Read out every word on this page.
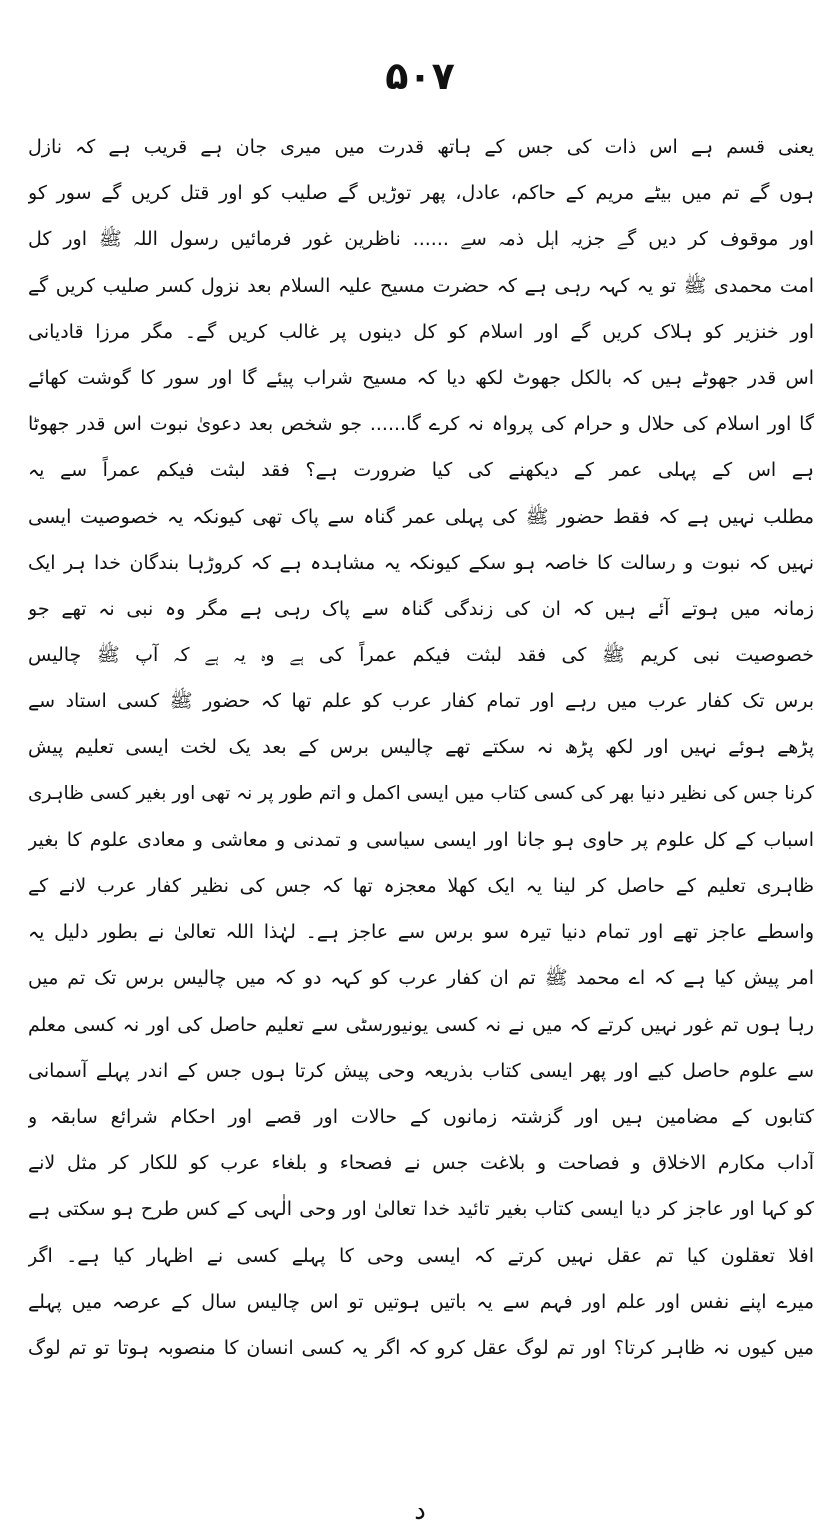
۵۰۷
یعنی قسم ہے اس ذات کی جس کے ہاتھ قدرت میں میری جان ہے قریب ہے کہ نازل
ہوں گے تم میں بیٹے مریم کے حاکم، عادل، پھر توڑیں گے صلیب کو اور قتل کریں گے سور کو
اور موقوف کر دیں گے جزیہ اہل ذمہ سے ...... ناظرین غور فرمائیں رسول اللہ ﷺ اور کل
امت محمدی ﷺ تو یہ کہہ رہی ہے کہ حضرت مسیح علیہ السلام بعد نزول کسر صلیب کریں گے
اور خنزیر کو ہلاک کریں گے اور اسلام کو کل دینوں پر غالب کریں گے۔ مگر مرزا قادیانی
اس قدر جھوٹے ہیں کہ بالکل جھوٹ لکھ دیا کہ مسیح شراب پیئے گا اور سور کا گوشت کھائے
گا اور اسلام کی حلال و حرام کی پرواہ نہ کرے گا...... جو شخص بعد دعویٰ نبوت اس قدر جھوٹا
ہے اس کے پہلی عمر کے دیکھنے کی کیا ضرورت ہے؟ فقد لبثت فیکم عمراً سے یہ
مطلب نہیں ہے کہ فقط حضور ﷺ کی پہلی عمر گناہ سے پاک تھی کیونکہ یہ خصوصیت ایسی
نہیں کہ نبوت و رسالت کا خاصہ ہو سکے کیونکہ یہ مشاہدہ ہے کہ کروڑہا بندگان خدا ہر ایک
زمانہ میں ہوتے آئے ہیں کہ ان کی زندگی گناہ سے پاک رہی ہے مگر وہ نبی نہ تھے جو
خصوصیت نبی کریم ﷺ کی فقد لبثت فیکم عمراً کی ہے وہ یہ ہے کہ آپ ﷺ چالیس
برس تک کفار عرب میں رہے اور تمام کفار عرب کو علم تھا کہ حضور ﷺ کسی استاد سے
پڑھے ہوئے نہیں اور لکھ پڑھ نہ سکتے تھے چالیس برس کے بعد یک لخت ایسی تعلیم پیش
کرنا جس کی نظیر دنیا بھر کی کسی کتاب میں ایسی اکمل و اتم طور پر نہ تھی اور بغیر کسی ظاہری
اسباب کے کل علوم پر حاوی ہو جانا اور ایسی سیاسی و تمدنی و معاشی و معادی علوم کا بغیر
ظاہری تعلیم کے حاصل کر لینا یہ ایک کھلا معجزہ تھا کہ جس کی نظیر کفار عرب لانے کے
واسطے عاجز تھے اور تمام دنیا تیرہ سو برس سے عاجز ہے۔ لہٰذا اللہ تعالیٰ نے بطور دلیل یہ
امر پیش کیا ہے کہ اے محمد ﷺ تم ان کفار عرب کو کہہ دو کہ میں چالیس برس تک تم میں
رہا ہوں تم غور نہیں کرتے کہ میں نے نہ کسی یونیورسٹی سے تعلیم حاصل کی اور نہ کسی معلم
سے علوم حاصل کیے اور پھر ایسی کتاب بذریعہ وحی پیش کرتا ہوں جس کے اندر پہلے آسمانی
کتابوں کے مضامین ہیں اور گزشتہ زمانوں کے حالات اور قصے اور احکام شرائع سابقہ و
آداب مکارم الاخلاق و فصاحت و بلاغت جس نے فصحاء و بلغاء عرب کو للکار کر مثل لانے
کو کہا اور عاجز کر دیا ایسی کتاب بغیر تائید خدا تعالیٰ اور وحی الٰہی کے کس طرح ہو سکتی ہے
افلا تعقلون کیا تم عقل نہیں کرتے کہ ایسی وحی کا پہلے کسی نے اظہار کیا ہے۔ اگر
میرے اپنے نفس اور علم اور فہم سے یہ باتیں ہوتیں تو اس چالیس سال کے عرصہ میں پہلے
میں کیوں نہ ظاہر کرتا؟ اور تم لوگ عقل کرو کہ اگر یہ کسی انسان کا منصوبہ ہوتا تو تم لوگ
د
